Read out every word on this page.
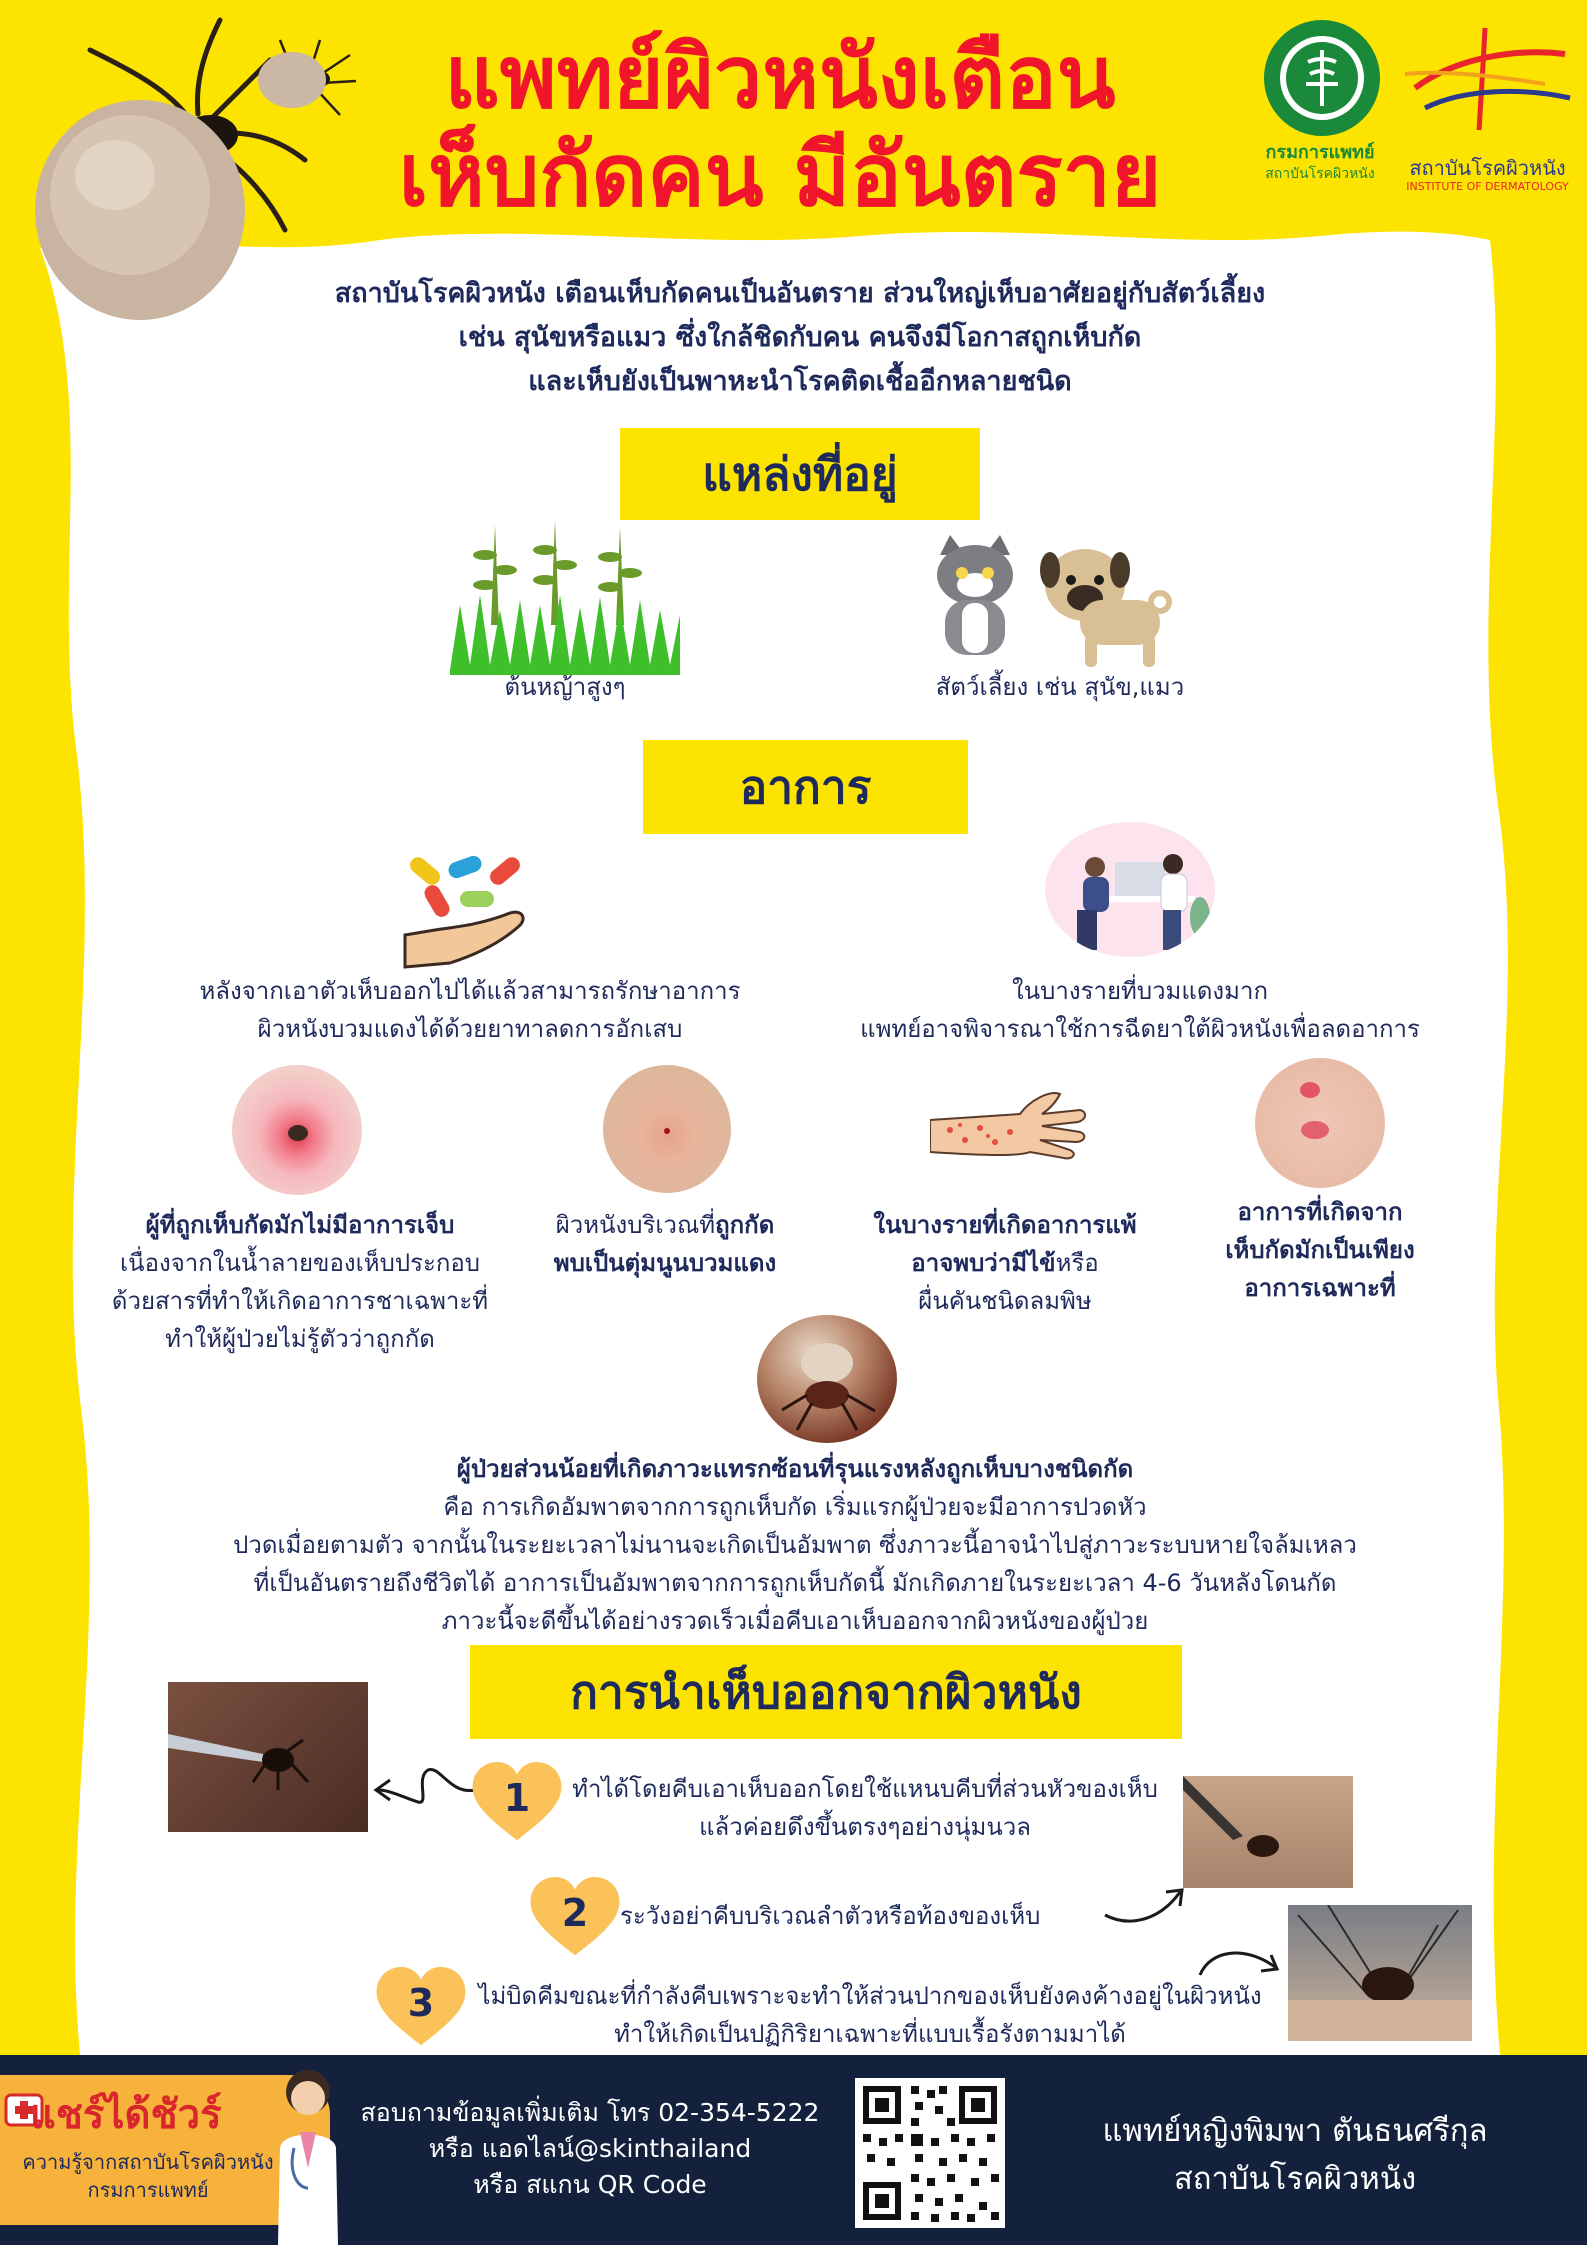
แพทย์ผิวหนังเตือน
เห็บกัดคน มีอันตราย	กรมการแพทย์
สถาบันโรคผิวหนัง	สถาบันโรคผิวหนัง
INSTITUTE OF DERMATOLOGY
สถาบันโรคผิวหนัง เตือนเห็บกัดคนเป็นอันตราย ส่วนใหญ่เห็บอาศัยอยู่กับสัตว์เลี้ยง
เช่น สุนัขหรือแมว ซึ่งใกล้ชิดกับคน คนจึงมีโอกาสถูกเห็บกัด
และเห็บยังเป็นพาหะนำโรคติดเชื้ออีกหลายชนิด
แหล่งที่อยู่
ต้นหญ้าสูงๆ	สัตว์เลี้ยง เช่น สุนัข,แมว
อาการ
หลังจากเอาตัวเห็บออกไปได้แล้วสามารถรักษาอาการ
ผิวหนังบวมแดงได้ด้วยยาทาลดการอักเสบ
ในบางรายที่บวมแดงมาก
แพทย์อาจพิจารณาใช้การฉีดยาใต้ผิวหนังเพื่อลดอาการ
ผู้ที่ถูกเห็บกัดมักไม่มีอาการเจ็บ
เนื่องจากในน้ำลายของเห็บประกอบ
ด้วยสารที่ทำให้เกิดอาการชาเฉพาะที่
ทำให้ผู้ป่วยไม่รู้ตัวว่าถูกกัด
ผิวหนังบริเวณที่ถูกกัด
พบเป็นตุ่มนูนบวมแดง
ในบางรายที่เกิดอาการแพ้
อาจพบว่ามีไข้หรือ
ผื่นคันชนิดลมพิษ
อาการที่เกิดจาก
เห็บกัดมักเป็นเพียง
อาการเฉพาะที่
ผู้ป่วยส่วนน้อยที่เกิดภาวะแทรกซ้อนที่รุนแรงหลังถูกเห็บบางชนิดกัด
คือ การเกิดอัมพาตจากการถูกเห็บกัด เริ่มแรกผู้ป่วยจะมีอาการปวดหัว
ปวดเมื่อยตามตัว จากนั้นในระยะเวลาไม่นานจะเกิดเป็นอัมพาต ซึ่งภาวะนี้อาจนำไปสู่ภาวะระบบหายใจล้มเหลว
ที่เป็นอันตรายถึงชีวิตได้ อาการเป็นอัมพาตจากการถูกเห็บกัดนี้ มักเกิดภายในระยะเวลา 4-6 วันหลังโดนกัด
ภาวะนี้จะดีขึ้นได้อย่างรวดเร็วเมื่อคีบเอาเห็บออกจากผิวหนังของผู้ป่วย
การนำเห็บออกจากผิวหนัง
1	ทำได้โดยคีบเอาเห็บออกโดยใช้แหนบคีบที่ส่วนหัวของเห็บ
แล้วค่อยดึงขึ้นตรงๆอย่างนุ่มนวล
2	ระวังอย่าคีบบริเวณลำตัวหรือท้องของเห็บ
3	ไม่บิดคีมขณะที่กำลังคีบเพราะจะทำให้ส่วนปากของเห็บยังคงค้างอยู่ในผิวหนัง
ทำให้เกิดเป็นปฏิกิริยาเฉพาะที่แบบเรื้อรังตามมาได้
แชร์ได้ชัวร์
ความรู้จากสถาบันโรคผิวหนัง
กรมการแพทย์
สอบถามข้อมูลเพิ่มเติม โทร 02-354-5222
หรือ แอดไลน์@skinthailand
หรือ สแกน QR Code
แพทย์หญิงพิมพา ตันธนศรีกุล
สถาบันโรคผิวหนัง
